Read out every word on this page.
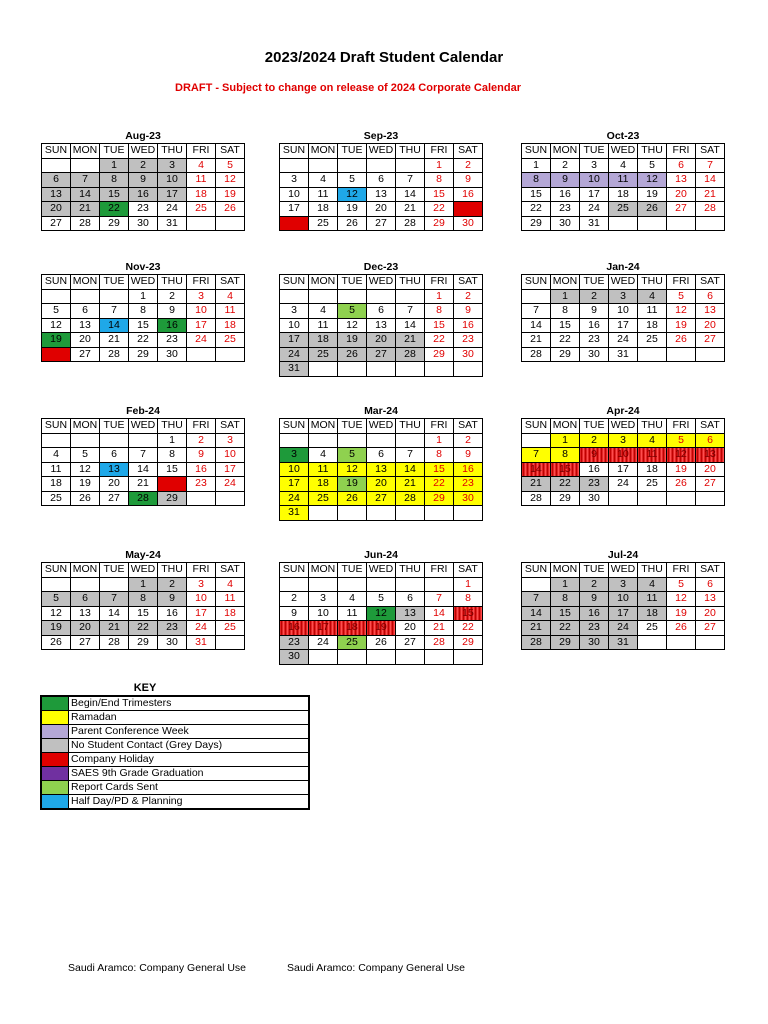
2023/2024 Draft Student Calendar
DRAFT - Subject to change on release of 2024 Corporate Calendar
Aug-23
SUN	MON	TUE	WED	THU	FRI	SAT
		1	2	3	4	5
6	7	8	9	10	11	12
13	14	15	16	17	18	19
20	21	22	23	24	25	26
27	28	29	30	31		
Sep-23
SUN	MON	TUE	WED	THU	FRI	SAT
					1	2
3	4	5	6	7	8	9
10	11	12	13	14	15	16
17	18	19	20	21	22	23
24	25	26	27	28	29	30
Oct-23
SUN	MON	TUE	WED	THU	FRI	SAT
1	2	3	4	5	6	7
8	9	10	11	12	13	14
15	16	17	18	19	20	21
22	23	24	25	26	27	28
29	30	31				
Nov-23
SUN	MON	TUE	WED	THU	FRI	SAT
			1	2	3	4
5	6	7	8	9	10	11
12	13	14	15	16	17	18
19	20	21	22	23	24	25
26	27	28	29	30		
Dec-23
SUN	MON	TUE	WED	THU	FRI	SAT
					1	2
3	4	5	6	7	8	9
10	11	12	13	14	15	16
17	18	19	20	21	22	23
24	25	26	27	28	29	30
31						
Jan-24
SUN	MON	TUE	WED	THU	FRI	SAT
	1	2	3	4	5	6
7	8	9	10	11	12	13
14	15	16	17	18	19	20
21	22	23	24	25	26	27
28	29	30	31			
Feb-24
SUN	MON	TUE	WED	THU	FRI	SAT
				1	2	3
4	5	6	7	8	9	10
11	12	13	14	15	16	17
18	19	20	21	22	23	24
25	26	27	28	29		
Mar-24
SUN	MON	TUE	WED	THU	FRI	SAT
					1	2
3	4	5	6	7	8	9
10	11	12	13	14	15	16
17	18	19	20	21	22	23
24	25	26	27	28	29	30
31						
Apr-24
SUN	MON	TUE	WED	THU	FRI	SAT
	1	2	3	4	5	6
7	8	9	10	11	12	13
14	15	16	17	18	19	20
21	22	23	24	25	26	27
28	29	30				
May-24
SUN	MON	TUE	WED	THU	FRI	SAT
			1	2	3	4
5	6	7	8	9	10	11
12	13	14	15	16	17	18
19	20	21	22	23	24	25
26	27	28	29	30	31	
Jun-24
SUN	MON	TUE	WED	THU	FRI	SAT
						1
2	3	4	5	6	7	8
9	10	11	12	13	14	15
16	17	18	19	20	21	22
23	24	25	26	27	28	29
30						
Jul-24
SUN	MON	TUE	WED	THU	FRI	SAT
	1	2	3	4	5	6
7	8	9	10	11	12	13
14	15	16	17	18	19	20
21	22	23	24	25	26	27
28	29	30	31			
KEY
	Begin/End Trimesters
	Ramadan
	Parent Conference Week
	No Student Contact (Grey Days)
	Company Holiday
	SAES 9th Grade Graduation
	Report Cards Sent
	Half Day/PD & Planning
Saudi Aramco: Company General Use	Saudi Aramco: Company General Use
